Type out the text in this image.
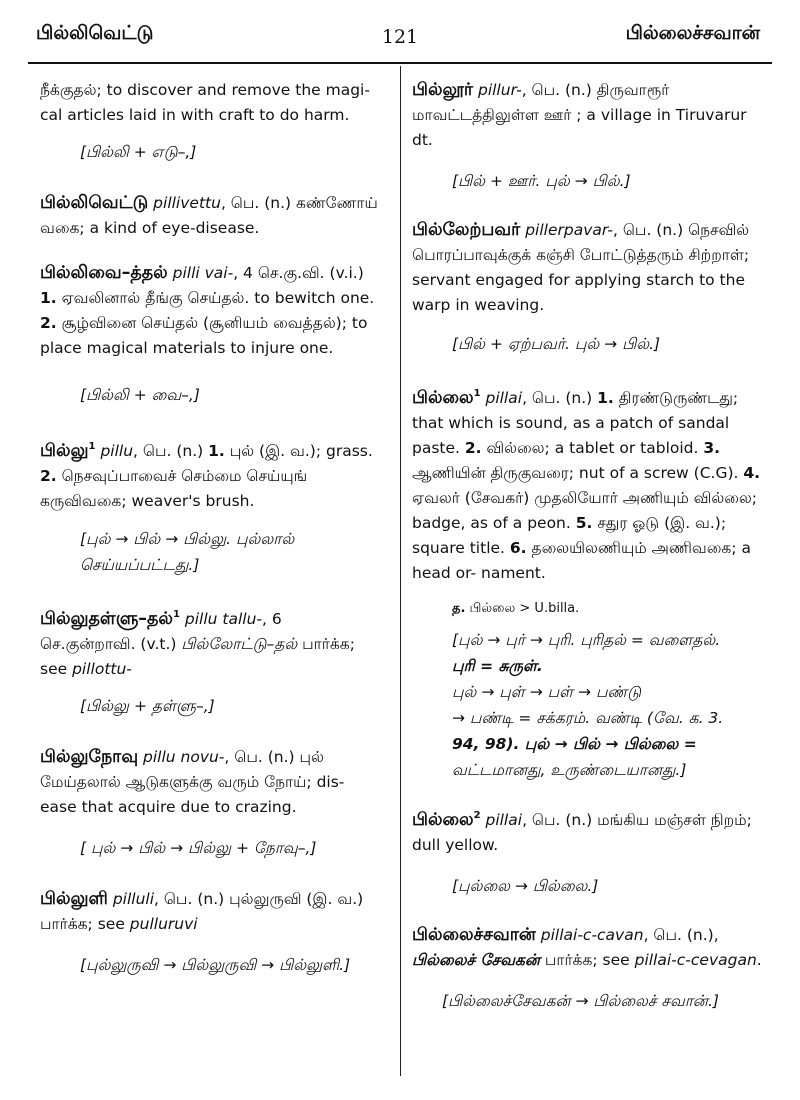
பில்லிவெட்டு	121	பில்லைச்சவான்

நீக்குதல்; to discover and remove the magi- cal articles laid in with craft to do harm.

[பில்லி + எடு–,]

பில்லிவெட்டு pillivettu, பெ. (n.) கண்ணோய் வகை; a kind of eye-disease.

பில்லிவை–த்தல் pilli vai-, 4 செ.கு.வி. (v.i.) 1. ஏவலினால் தீங்கு செய்தல். to bewitch one. 2. சூழ்வினை செய்தல் (சூனியம் வைத்தல்); to place magical materials to injure one.

[பில்லி + வை–,]

பில்லு$^1$ pillu, பெ. (n.) 1. புல் (இ. வ.); grass. 2. நெசவுப்பாவைச் செம்மை செய்யுங் கருவிவகை; weaver's brush.

[புல் → பில் → பில்லு. புல்லால் செய்யப்பட்டது.]

பில்லுதள்ளு–தல்$^1$ pillu tallu-, 6 செ.குன்றாவி. (v.t.) பில்லோட்டு–தல் பார்க்க; see pillottu-

[பில்லு + தள்ளு–,]

பில்லுநோவு pillu novu-, பெ. (n.) புல் மேய்தலால் ஆடுகளுக்கு வரும் நோய்; dis- ease that acquire due to crazing.

[ புல் → பில் → பில்லு + நோவு–,]

பில்லுளி pilluli, பெ. (n.) புல்லுருவி (இ. வ.) பார்க்க; see pulluruvi

[புல்லுருவி → பில்லுருவி → பில்லுளி.]

பில்லூர் pillur-, பெ. (n.) திருவாரூர் மாவட்டத்திலுள்ள ஊர் ; a village in Tiruvarur dt.

[பில் + ஊர். புல் → பில்.]

பில்லேற்பவர் pillerpavar-, பெ. (n.) நெசவில் பொரப்பாவுக்குக் கஞ்சி போட்டுத்தரும் சிற்றாள்; servant engaged for applying starch to the warp in weaving.

[பில் + ஏற்பவர். புல் → பில்.]

பில்லை$^1$ pillai, பெ. (n.) 1. திரண்டுருண்டது; that which is sound, as a patch of sandal paste. 2. வில்லை; a tablet or tabloid. 3. ஆணியின் திருகுவரை; nut of a screw (C.G). 4. ஏவலர் (சேவகர்) முதலியோர் அணியும் வில்லை; badge, as of a peon. 5. சதுர ஓடு (இ. வ.); square title. 6. தலையிலணியும் அணிவகை; a head or- nament.

த. பில்லை > U.billa.
[புல் → புர் → புரி. புரிதல் = வளைதல்.
புரி = சுருள்.
புல் → புள் → பள் → பண்டு
→ பண்டி = சக்கரம். வண்டி (வே. க. 3.
94, 98). புல் → பில் → பில்லை =
வட்டமானது, உருண்டையானது.]

பில்லை$^2$ pillai, பெ. (n.) மங்கிய மஞ்சள் நிறம்; dull yellow.

[புல்லை → பில்லை.]

பில்லைச்சவான் pillai-c-cavan, பெ. (n.), பில்லைச் சேவகன் பார்க்க; see pillai-c-cevagan.

[பில்லைச்சேவகன் → பில்லைச் சவான்.]
